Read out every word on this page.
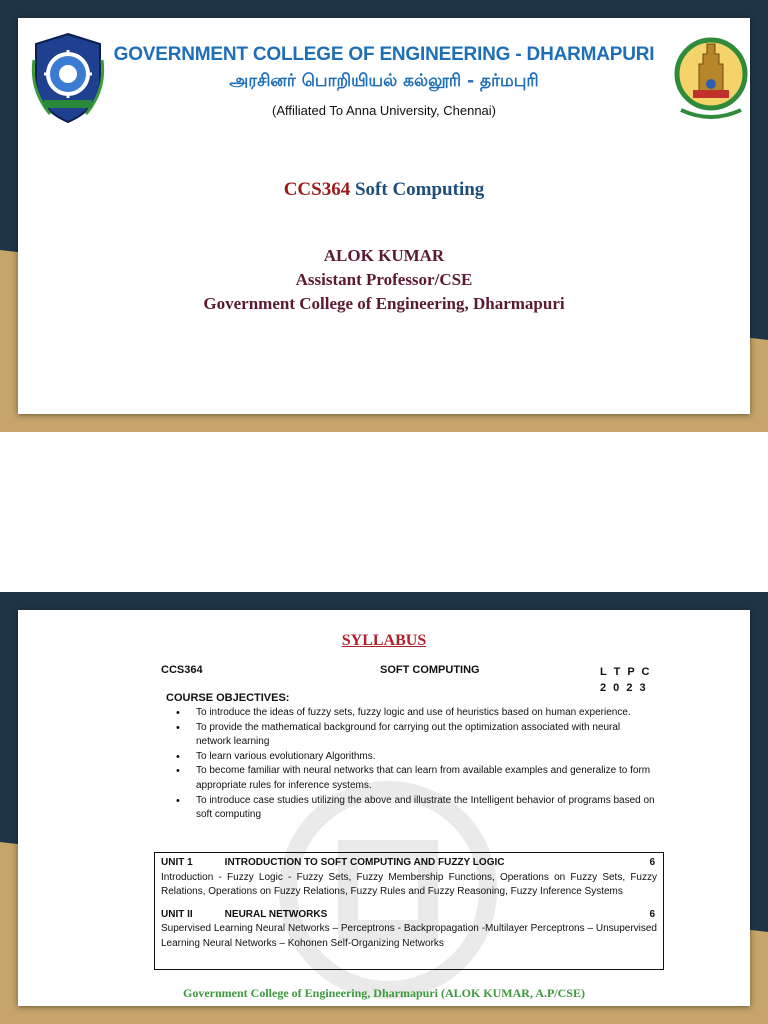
GOVERNMENT COLLEGE OF ENGINEERING - DHARMAPURI
அரசினர் பொறியியல் கல்லூரி - தர்மபுரி
(Affiliated To Anna University, Chennai)
CCS364 Soft Computing
ALOK KUMAR
Assistant Professor/CSE
Government College of Engineering, Dharmapuri
SYLLABUS
CCS364	SOFT COMPUTING	L T P C
2 0 2 3
COURSE OBJECTIVES:
• To introduce the ideas of fuzzy sets, fuzzy logic and use of heuristics based on human experience.
• To provide the mathematical background for carrying out the optimization associated with neural network learning
• To learn various evolutionary Algorithms.
• To become familiar with neural networks that can learn from available examples and generalize to form appropriate rules for inference systems.
• To introduce case studies utilizing the above and illustrate the Intelligent behavior of programs based on soft computing
UNIT 1	INTRODUCTION TO SOFT COMPUTING AND FUZZY LOGIC	6
Introduction - Fuzzy Logic - Fuzzy Sets, Fuzzy Membership Functions, Operations on Fuzzy Sets, Fuzzy Relations, Operations on Fuzzy Relations, Fuzzy Rules and Fuzzy Reasoning, Fuzzy Inference Systems
UNIT II	NEURAL NETWORKS	6
Supervised Learning Neural Networks – Perceptrons - Backpropagation -Multilayer Perceptrons – Unsupervised Learning Neural Networks – Kohonen Self-Organizing Networks
Government College of Engineering, Dharmapuri (ALOK KUMAR, A.P/CSE)
